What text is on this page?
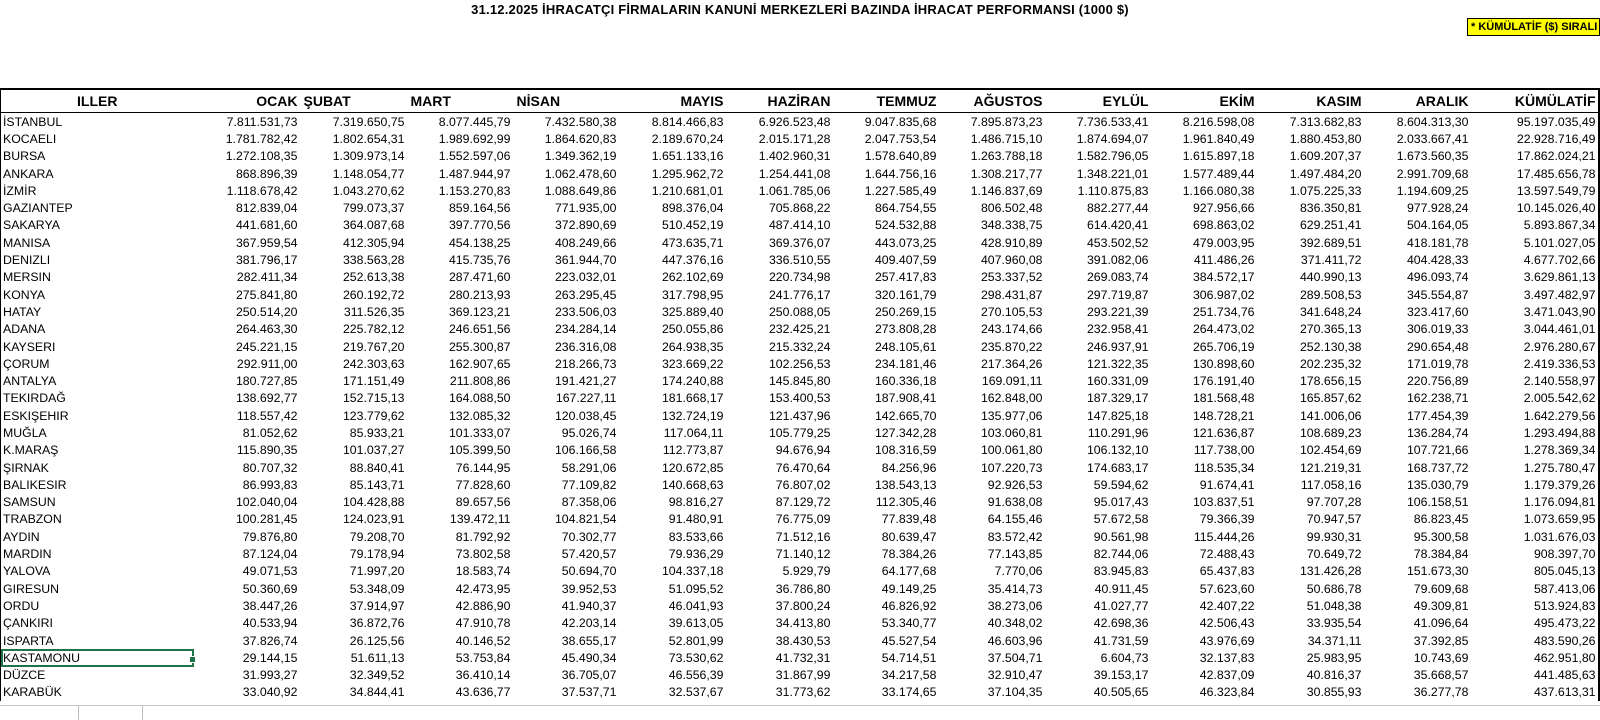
31.12.2025 İHRACATÇI FİRMALARIN KANUNİ MERKEZLERİ BAZINDA İHRACAT PERFORMANSI (1000 $)
* KÜMÜLATİF ($) SIRALI
ILLER	OCAK	ŞUBAT	MART	NİSAN	MAYIS	HAZİRAN	TEMMUZ	AĞUSTOS	EYLÜL	EKİM	KASIM	ARALIK	KÜMÜLATİF
İSTANBUL	7.811.531,73	7.319.650,75	8.077.445,79	7.432.580,38	8.814.466,83	6.926.523,48	9.047.835,68	7.895.873,23	7.736.533,41	8.216.598,08	7.313.682,83	8.604.313,30	95.197.035,49
KOCAELI	1.781.782,42	1.802.654,31	1.989.692,99	1.864.620,83	2.189.670,24	2.015.171,28	2.047.753,54	1.486.715,10	1.874.694,07	1.961.840,49	1.880.453,80	2.033.667,41	22.928.716,49
BURSA	1.272.108,35	1.309.973,14	1.552.597,06	1.349.362,19	1.651.133,16	1.402.960,31	1.578.640,89	1.263.788,18	1.582.796,05	1.615.897,18	1.609.207,37	1.673.560,35	17.862.024,21
ANKARA	868.896,39	1.148.054,77	1.487.944,97	1.062.478,60	1.295.962,72	1.254.441,08	1.644.756,16	1.308.217,77	1.348.221,01	1.577.489,44	1.497.484,20	2.991.709,68	17.485.656,78
İZMİR	1.118.678,42	1.043.270,62	1.153.270,83	1.088.649,86	1.210.681,01	1.061.785,06	1.227.585,49	1.146.837,69	1.110.875,83	1.166.080,38	1.075.225,33	1.194.609,25	13.597.549,79
GAZIANTEP	812.839,04	799.073,37	859.164,56	771.935,00	898.376,04	705.868,22	864.754,55	806.502,48	882.277,44	927.956,66	836.350,81	977.928,24	10.145.026,40
SAKARYA	441.681,60	364.087,68	397.770,56	372.890,69	510.452,19	487.414,10	524.532,88	348.338,75	614.420,41	698.863,02	629.251,41	504.164,05	5.893.867,34
MANISA	367.959,54	412.305,94	454.138,25	408.249,66	473.635,71	369.376,07	443.073,25	428.910,89	453.502,52	479.003,95	392.689,51	418.181,78	5.101.027,05
DENIZLI	381.796,17	338.563,28	415.735,76	361.944,70	447.376,16	336.510,55	409.407,59	407.960,08	391.082,06	411.486,26	371.411,72	404.428,33	4.677.702,66
MERSIN	282.411,34	252.613,38	287.471,60	223.032,01	262.102,69	220.734,98	257.417,83	253.337,52	269.083,74	384.572,17	440.990,13	496.093,74	3.629.861,13
KONYA	275.841,80	260.192,72	280.213,93	263.295,45	317.798,95	241.776,17	320.161,79	298.431,87	297.719,87	306.987,02	289.508,53	345.554,87	3.497.482,97
HATAY	250.514,20	311.526,35	369.123,21	233.506,03	325.889,40	250.088,05	250.269,15	270.105,53	293.221,39	251.734,76	341.648,24	323.417,60	3.471.043,90
ADANA	264.463,30	225.782,12	246.651,56	234.284,14	250.055,86	232.425,21	273.808,28	243.174,66	232.958,41	264.473,02	270.365,13	306.019,33	3.044.461,01
KAYSERI	245.221,15	219.767,20	255.300,87	236.316,08	264.938,35	215.332,24	248.105,61	235.870,22	246.937,91	265.706,19	252.130,38	290.654,48	2.976.280,67
ÇORUM	292.911,00	242.303,63	162.907,65	218.266,73	323.669,22	102.256,53	234.181,46	217.364,26	121.322,35	130.898,60	202.235,32	171.019,78	2.419.336,53
ANTALYA	180.727,85	171.151,49	211.808,86	191.421,27	174.240,88	145.845,80	160.336,18	169.091,11	160.331,09	176.191,40	178.656,15	220.756,89	2.140.558,97
TEKIRDAĞ	138.692,77	152.715,13	164.088,50	167.227,11	181.668,17	153.400,53	187.908,41	162.848,00	187.329,17	181.568,48	165.857,62	162.238,71	2.005.542,62
ESKIŞEHIR	118.557,42	123.779,62	132.085,32	120.038,45	132.724,19	121.437,96	142.665,70	135.977,06	147.825,18	148.728,21	141.006,06	177.454,39	1.642.279,56
MUĞLA	81.052,62	85.933,21	101.333,07	95.026,74	117.064,11	105.779,25	127.342,28	103.060,81	110.291,96	121.636,87	108.689,23	136.284,74	1.293.494,88
K.MARAŞ	115.890,35	101.037,27	105.399,50	106.166,58	112.773,87	94.676,94	108.316,59	100.061,80	106.132,10	117.738,00	102.454,69	107.721,66	1.278.369,34
ŞIRNAK	80.707,32	88.840,41	76.144,95	58.291,06	120.672,85	76.470,64	84.256,96	107.220,73	174.683,17	118.535,34	121.219,31	168.737,72	1.275.780,47
BALIKESIR	86.993,83	85.143,71	77.828,60	77.109,82	140.668,63	76.807,02	138.543,13	92.926,53	59.594,62	91.674,41	117.058,16	135.030,79	1.179.379,26
SAMSUN	102.040,04	104.428,88	89.657,56	87.358,06	98.816,27	87.129,72	112.305,46	91.638,08	95.017,43	103.837,51	97.707,28	106.158,51	1.176.094,81
TRABZON	100.281,45	124.023,91	139.472,11	104.821,54	91.480,91	76.775,09	77.839,48	64.155,46	57.672,58	79.366,39	70.947,57	86.823,45	1.073.659,95
AYDIN	79.876,80	79.208,70	81.792,92	70.302,77	83.533,66	71.512,16	80.639,47	83.572,42	90.561,98	115.444,26	99.930,31	95.300,58	1.031.676,03
MARDIN	87.124,04	79.178,94	73.802,58	57.420,57	79.936,29	71.140,12	78.384,26	77.143,85	82.744,06	72.488,43	70.649,72	78.384,84	908.397,70
YALOVA	49.071,53	71.997,20	18.583,74	50.694,70	104.337,18	5.929,79	64.177,68	7.770,06	83.945,83	65.437,83	131.426,28	151.673,30	805.045,13
GIRESUN	50.360,69	53.348,09	42.473,95	39.952,53	51.095,52	36.786,80	49.149,25	35.414,73	40.911,45	57.623,60	50.686,78	79.609,68	587.413,06
ORDU	38.447,26	37.914,97	42.886,90	41.940,37	46.041,93	37.800,24	46.826,92	38.273,06	41.027,77	42.407,22	51.048,38	49.309,81	513.924,83
ÇANKIRI	40.533,94	36.872,76	47.910,78	42.203,14	39.613,05	34.413,80	53.340,77	40.348,02	42.698,36	42.506,43	33.935,54	41.096,64	495.473,22
ISPARTA	37.826,74	26.125,56	40.146,52	38.655,17	52.801,99	38.430,53	45.527,54	46.603,96	41.731,59	43.976,69	34.371,11	37.392,85	483.590,26
KASTAMONU	29.144,15	51.611,13	53.753,84	45.490,34	73.530,62	41.732,31	54.714,51	37.504,71	6.604,73	32.137,83	25.983,95	10.743,69	462.951,80
DÜZCE	31.993,27	32.349,52	36.410,14	36.705,07	46.556,39	31.867,99	34.217,58	32.910,47	39.153,17	42.837,09	40.816,37	35.668,57	441.485,63
KARABÜK	33.040,92	34.844,41	43.636,77	37.537,71	32.537,67	31.773,62	33.174,65	37.104,35	40.505,65	46.323,84	30.855,93	36.277,78	437.613,31
